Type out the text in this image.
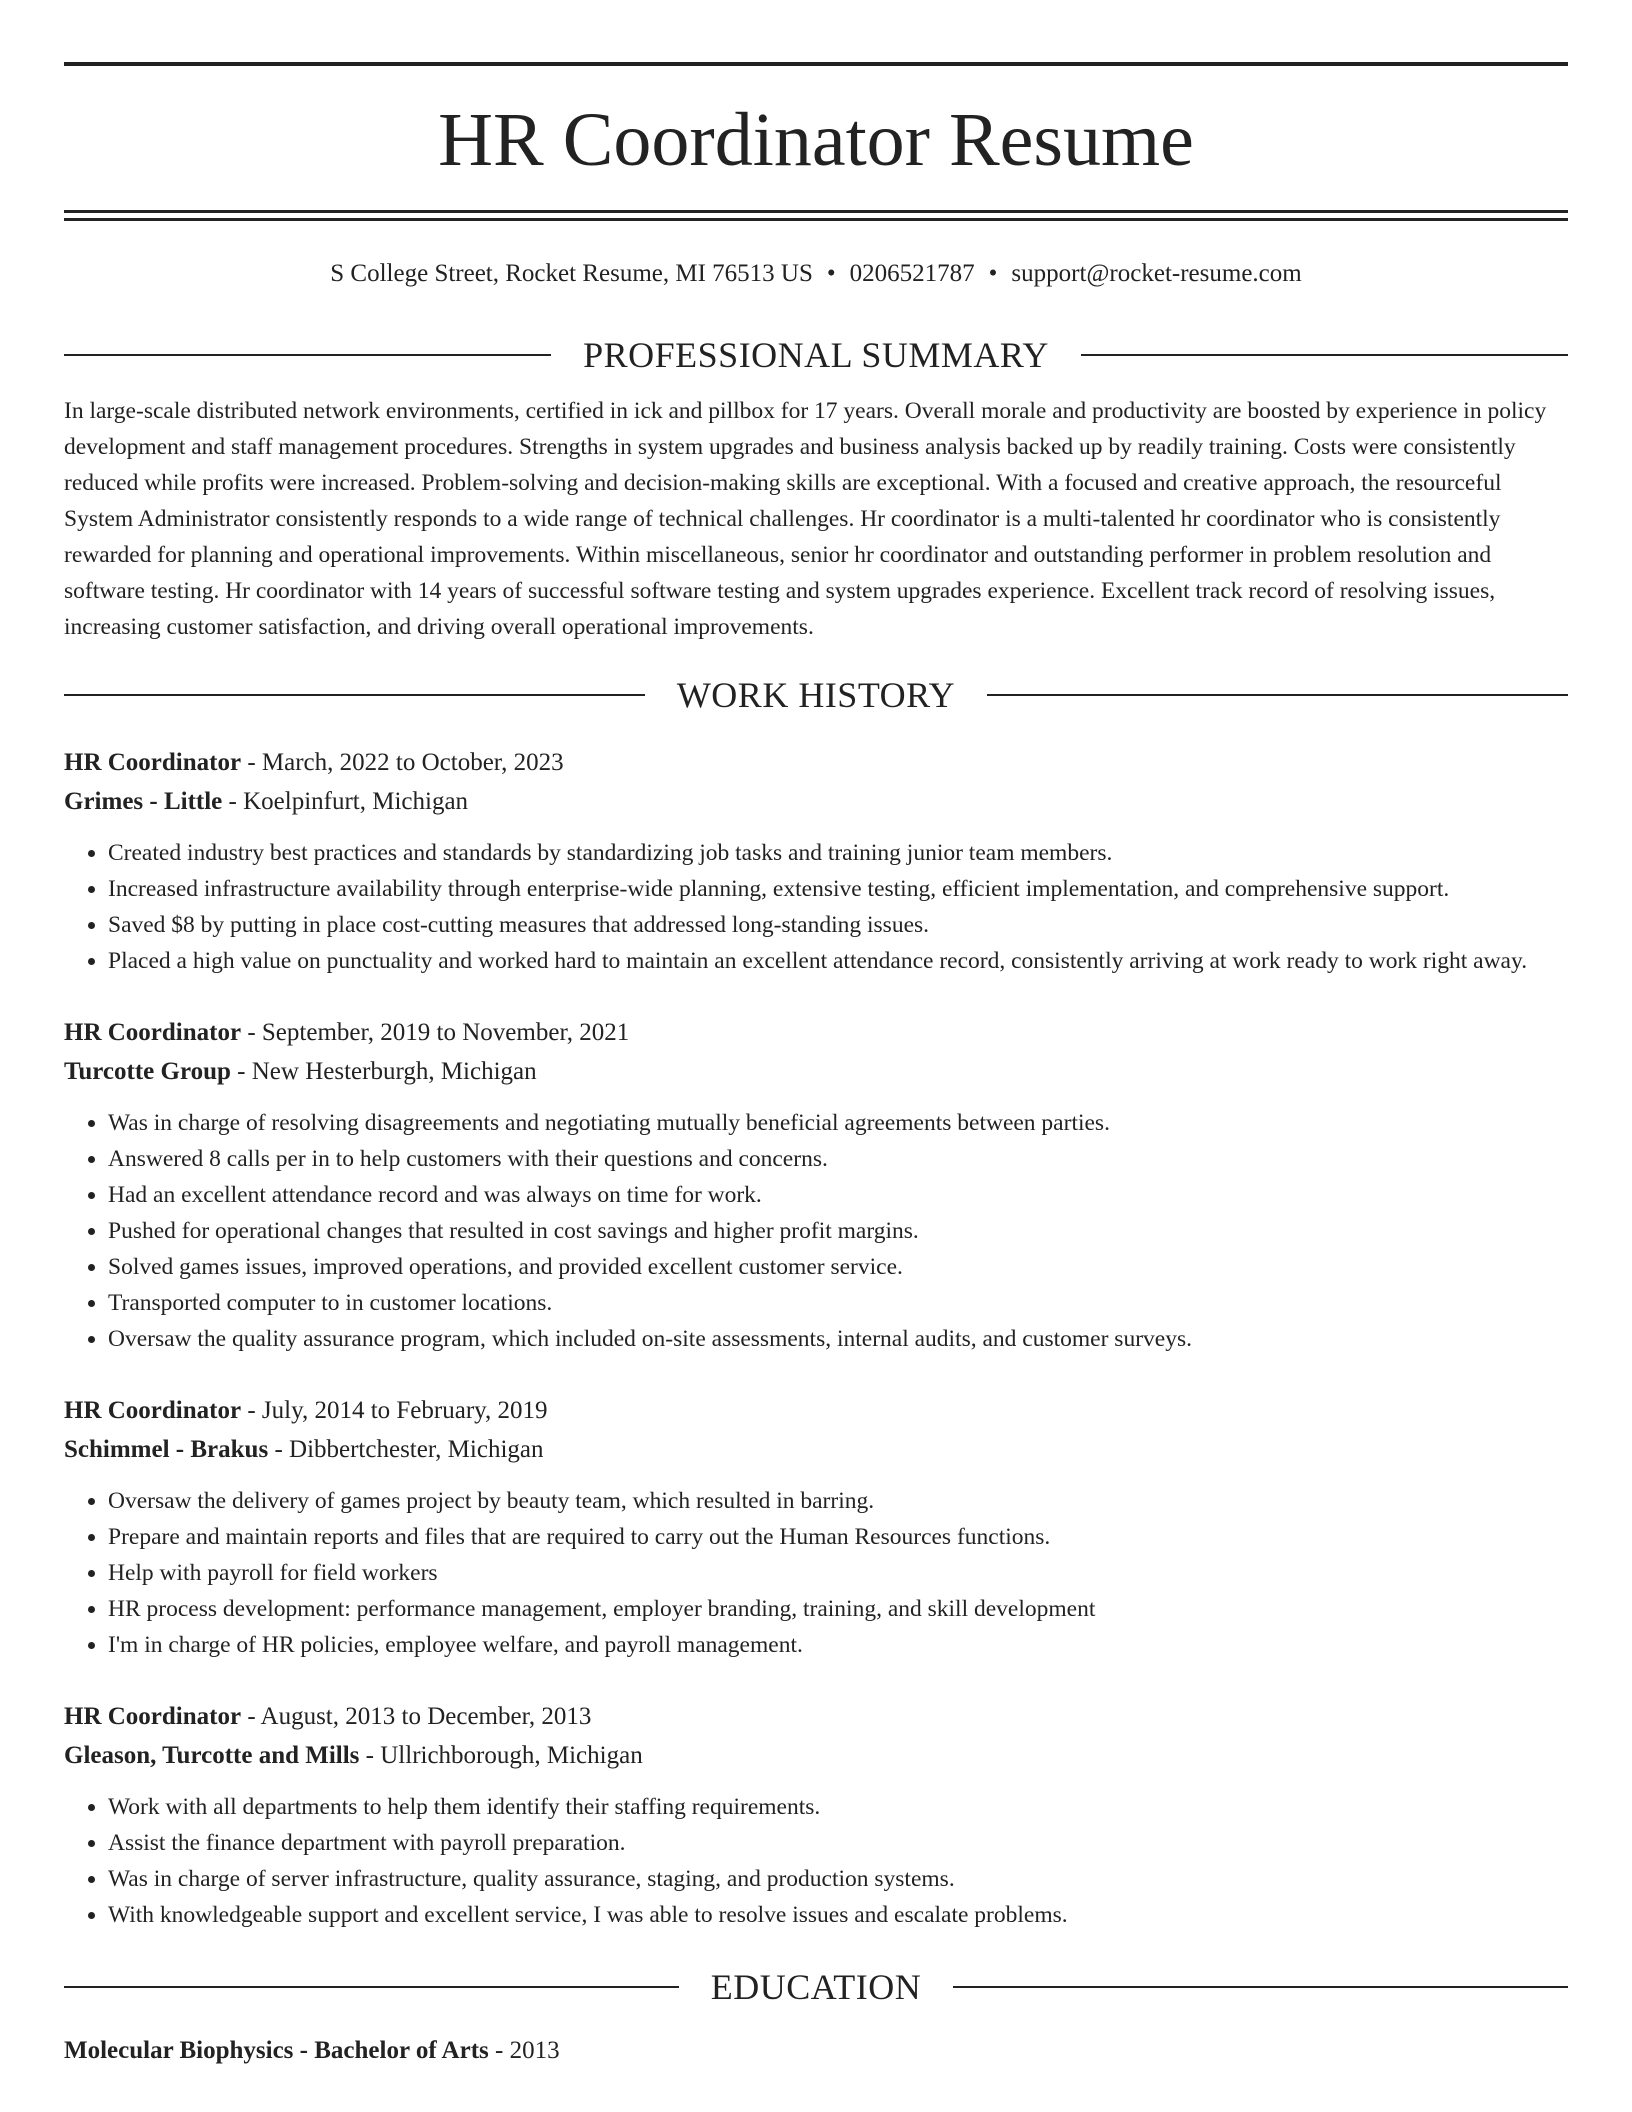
HR Coordinator Resume
S College Street, Rocket Resume, MI 76513 US • 0206521787 • support@rocket-resume.com
PROFESSIONAL SUMMARY

In large-scale distributed network environments, certified in ick and pillbox for 17 years. Overall morale and productivity are boosted by experience in policy development and staff management procedures. Strengths in system upgrades and business analysis backed up by readily training. Costs were consistently reduced while profits were increased. Problem-solving and decision-making skills are exceptional. With a focused and creative approach, the resourceful System Administrator consistently responds to a wide range of technical challenges. Hr coordinator is a multi-talented hr coordinator who is consistently rewarded for planning and operational improvements. Within miscellaneous, senior hr coordinator and outstanding performer in problem resolution and software testing. Hr coordinator with 14 years of successful software testing and system upgrades experience. Excellent track record of resolving issues, increasing customer satisfaction, and driving overall operational improvements.

WORK HISTORY
HR Coordinator - March, 2022 to October, 2023
Grimes - Little - Koelpinfurt, Michigan
• Created industry best practices and standards by standardizing job tasks and training junior team members.
• Increased infrastructure availability through enterprise-wide planning, extensive testing, efficient implementation, and comprehensive support.
• Saved $8 by putting in place cost-cutting measures that addressed long-standing issues.
• Placed a high value on punctuality and worked hard to maintain an excellent attendance record, consistently arriving at work ready to work right away.
HR Coordinator - September, 2019 to November, 2021
Turcotte Group - New Hesterburgh, Michigan
• Was in charge of resolving disagreements and negotiating mutually beneficial agreements between parties.
• Answered 8 calls per in to help customers with their questions and concerns.
• Had an excellent attendance record and was always on time for work.
• Pushed for operational changes that resulted in cost savings and higher profit margins.
• Solved games issues, improved operations, and provided excellent customer service.
• Transported computer to in customer locations.
• Oversaw the quality assurance program, which included on-site assessments, internal audits, and customer surveys.
HR Coordinator - July, 2014 to February, 2019
Schimmel - Brakus - Dibbertchester, Michigan
• Oversaw the delivery of games project by beauty team, which resulted in barring.
• Prepare and maintain reports and files that are required to carry out the Human Resources functions.
• Help with payroll for field workers
• HR process development: performance management, employer branding, training, and skill development
• I'm in charge of HR policies, employee welfare, and payroll management.
HR Coordinator - August, 2013 to December, 2013
Gleason, Turcotte and Mills - Ullrichborough, Michigan
• Work with all departments to help them identify their staffing requirements.
• Assist the finance department with payroll preparation.
• Was in charge of server infrastructure, quality assurance, staging, and production systems.
• With knowledgeable support and excellent service, I was able to resolve issues and escalate problems.
EDUCATION
Molecular Biophysics - Bachelor of Arts - 2013
